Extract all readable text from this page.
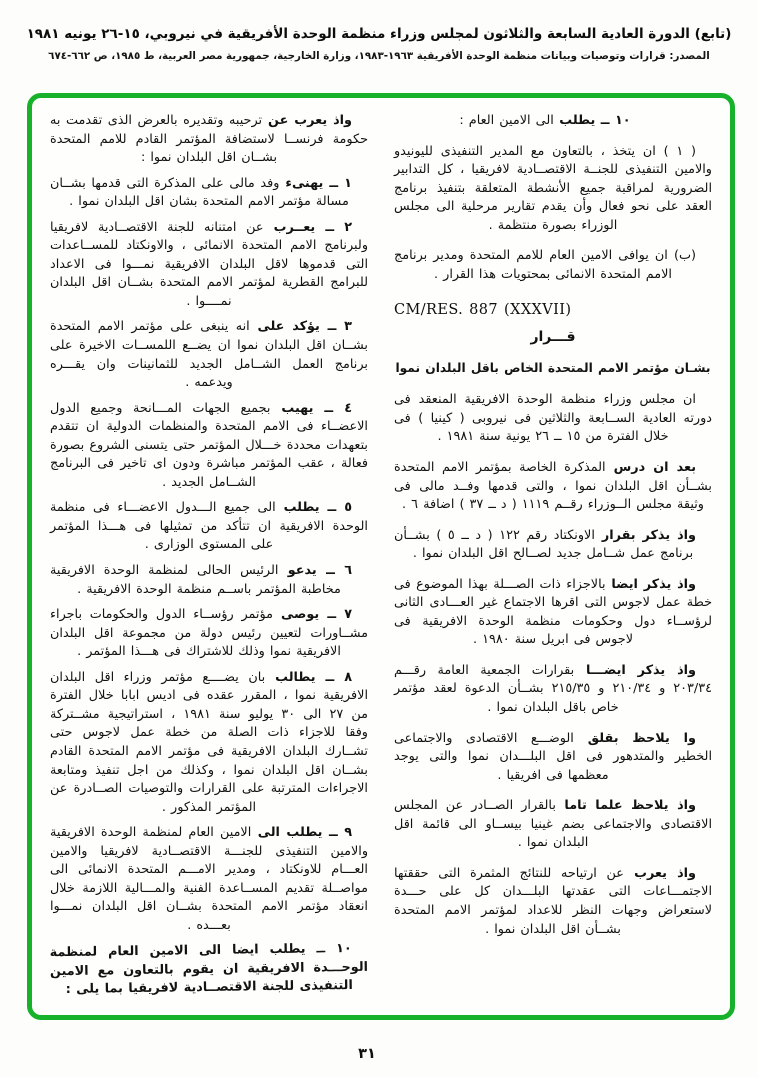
(تابع) الدورة العادية السابعة والثلاثون لمجلس وزراء منظمة الوحدة الأفريقية في نيروبي، ١٥-٢٦ يونيه ١٩٨١
المصدر: قرارات وتوصيات وبيانات منظمة الوحدة الأفريقية ١٩٦٣-١٩٨٣، وزارة الخارجية، جمهورية مصر العربية، ط ١٩٨٥، ص ٦٦٢-٦٧٤

١٠ ــ يطلب الى الامين العام :

( ١ ) ان يتخذ ، بالتعاون مع المدير التنفيذى لليونيدو والامين التنفيذى للجنــة الاقتصــادية لافريقيا ، كل التدابير الضرورية لمراقبة جميع الأنشطة المتعلقة بتنفيذ برنامج العقد على نحو فعال وأن يقدم تقارير مرحلية الى مجلس الوزراء بصورة منتظمة .

(ب) ان يوافى الامين العام للامم المتحدة ومدير برنامج الامم المتحدة الانمائى بمحتويات هذا القرار .

CM/RES. 887 (XXXVII)

قـــرار

بشـان مؤتمر الامم المتحدة الخاص باقل البلدان نموا

ان مجلس وزراء منظمة الوحدة الافريقية المنعقد فى دورته العادية الســابعة والثلاثين فى نيروبى ( كينيا ) فى خلال الفترة من ١٥ ــ ٢٦ يونية سنة ١٩٨١ .

بعد ان درس المذكرة الخاصة بمؤتمر الامم المتحدة بشــأن اقل البلدان نموا ، والتى قدمها وفــد مالى فى وثيقة مجلس الــوزراء رقــم ١١١٩ ( د ــ ٣٧ ) اضافة ٦ .

واذ يذكر بقرار الاونكتاد رقم ١٢٢ ( د ــ ٥ ) بشــأن برنامج عمل شــامل جديد لصــالح اقل البلدان نموا .

واذ يذكر ايضا بالاجزاء ذات الصـــلة بهذا الموضوع فى خطة عمل لاجوس التى اقرها الاجتماع غير العـــادى الثانى لرؤســاء دول وحكومات منظمة الوحدة الافريقية فى لاجوس فى ابريل سنة ١٩٨٠ .

واذ يذكر ايضـــا بقرارات الجمعية العامة رقـــم ٢٠٣/٣٤ و ٢١٠/٣٤ و ٢١٥/٣٥ بشــأن الدعوة لعقد مؤتمر خاص باقل البلدان نموا .

وا يلاحظ بقلق الوضـــع الاقتصادى والاجتماعى الخطير والمتدهور فى اقل البلـــدان نموا والتى يوجد معظمها فى افريقيا .

واذ يلاحظ علما تاما بالقرار الصــادر عن المجلس الاقتصادى والاجتماعى بضم غينيا بيســاو الى قائمة اقل البلدان نموا .

واذ يعرب عن ارتياحه للنتائج المثمرة التى حققتها الاجتمـــاعات التى عقدتها البلـــدان كل على حـــدة لاستعراض وجهات النظر للاعداد لمؤتمر الامم المتحدة بشــأن اقل البلدان نموا .

واذ يعرب عن ترحيبه وتقديره بالعرض الذى تقدمت به حكومة فرنســا لاستضافة المؤتمر القادم للامم المتحدة بشــان اقل البلدان نموا :

١ ــ يهنىء وفد مالى على المذكرة التى قدمها بشــان مسالة مؤتمر الامم المتحدة بشان اقل البلدان نموا .

٢ ــ يعــرب عن امتنانه للجنة الاقتصــادية لافريقيا ولبرنامج الامم المتحدة الانمائى ، والاونكتاد للمســاعدات التى قدموها لاقل البلدان الافريقية نمـــوا فى الاعداد للبرامج القطرية لمؤتمر الامم المتحدة بشــان اقل البلدان نمــــوا .

٣ ــ يؤكد على انه ينبغى على مؤتمر الامم المتحدة بشــان اقل البلدان نموا ان يضــع اللمســات الاخيرة على برنامج العمل الشــامل الجديد للثمانينات وان يقـــره ويدعمه .

٤ ــ يهيب بجميع الجهات المـــانحة وجميع الدول الاعضــاء فى الامم المتحدة والمنظمات الدولية ان تتقدم بتعهدات محددة خـــلال المؤتمر حتى يتسنى الشروع بصورة فعالة ، عقب المؤتمر مباشرة ودون اى تاخير فى البرنامج الشــامل الجديد .

٥ ــ يطلب الى جميع الـــدول الاعضـــاء فى منظمة الوحدة الافريقية ان تتأكد من تمثيلها فى هـــذا المؤتمر على المستوى الوزارى .

٦ ــ يدعو الرئيس الحالى لمنظمة الوحدة الافريقية مخاطبة المؤتمر باســم منظمة الوحدة الافريقية .

٧ ــ يوصى مؤتمر رؤســاء الدول والحكومات باجراء مشــاورات لتعيين رئيس دولة من مجموعة اقل البلدان الافريقية نموا وذلك للاشتراك فى هـــذا المؤتمر .

٨ ــ يطالب بان يضــــع مؤتمر وزراء اقل البلدان الافريقية نموا ، المقرر عقده فى اديس ابابا خلال الفترة من ٢٧ الى ٣٠ يوليو سنة ١٩٨١ ، استراتيجية مشــتركة وفقا للاجزاء ذات الصلة من خطة عمل لاجوس حتى تشــارك البلدان الافريقية فى مؤتمر الامم المتحدة القادم بشــان اقل البلدان نموا ، وكذلك من اجل تنفيذ ومتابعة الاجراءات المترتبة على القرارات والتوصيات الصــادرة عن المؤتمر المذكور .

٩ ــ يطلب الى الامين العام لمنظمة الوحدة الافريقية والامين التنفيذى للجنـــة الاقتصــادية لافريقيا والامين العـــام للاونكتاد ، ومدير الامـــم المتحدة الانمائى الى مواصــلة تقديم المســاعدة الفنية والمـــالية اللازمة خلال انعقاد مؤتمر الامم المتحدة بشــان اقل البلدان نمـــوا بعـــده .

١٠ ــ يطلب ايضا الى الامين العام لمنظمة الوحـــدة الافريقية ان يقوم بالتعاون مع الامين التنفيذى للجنة الاقتصــادية لافريقيا بما يلى :

٣١
